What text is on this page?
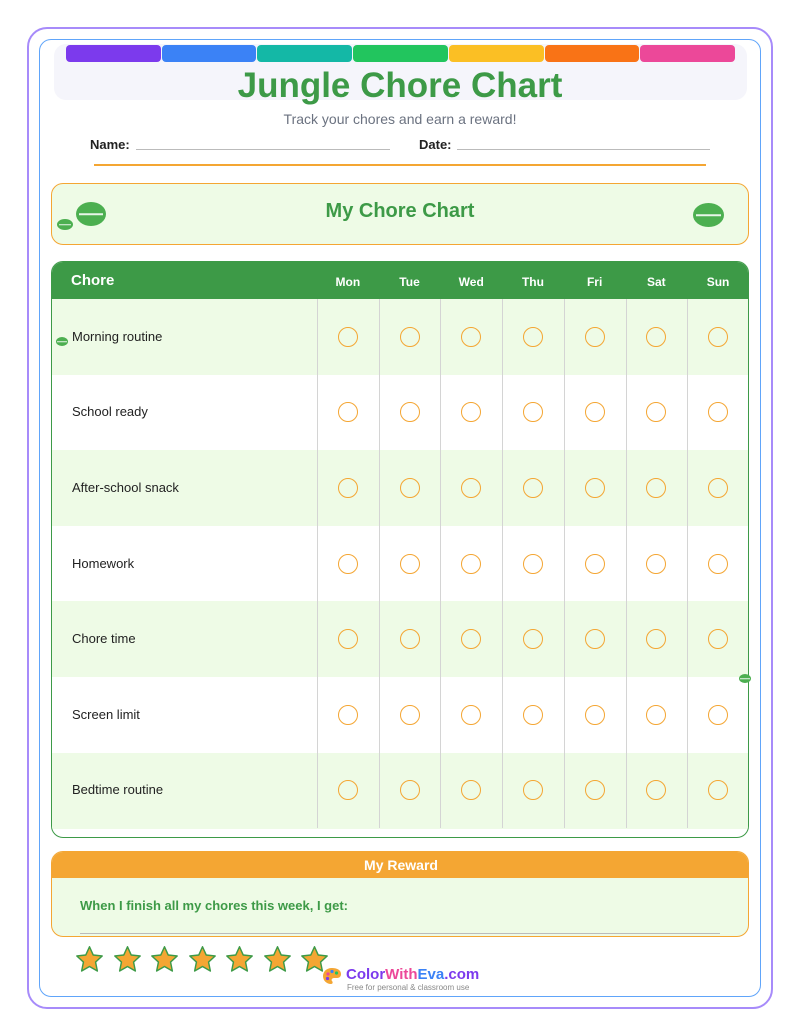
Jungle Chore Chart
Track your chores and earn a reward!
Name:	Date:
My Chore Chart
Chore	Mon	Tue	Wed	Thu	Fri	Sat	Sun
Morning routine
School ready
After-school snack
Homework
Chore time
Screen limit
Bedtime routine
My Reward
When I finish all my chores this week, I get:
ColorWithEva.com
Free for personal & classroom use
